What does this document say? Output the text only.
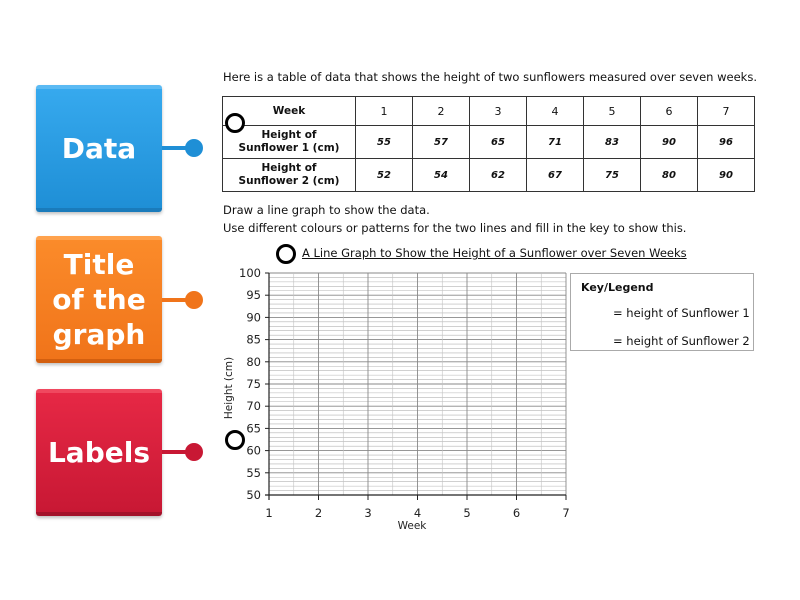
Data
Title
of the
graph
Labels
Here is a table of data that shows the height of two sunflowers measured over seven weeks.
Week	1	2	3	4	5	6	7
Height of
Sunflower 1 (cm)	55	57	65	71	83	90	96
Height of
Sunflower 2 (cm)	52	54	62	67	75	80	90
Draw a line graph to show the data.
Use different colours or patterns for the two lines and fill in the key to show this.
A Line Graph to Show the Height of a Sunflower over Seven Weeks
Key/Legend
= height of Sunflower 1
= height of Sunflower 2
50
55
60
65
70
75
80
85
90
95
100
1	2	3	4	5	6	7
Week
Height (cm)
